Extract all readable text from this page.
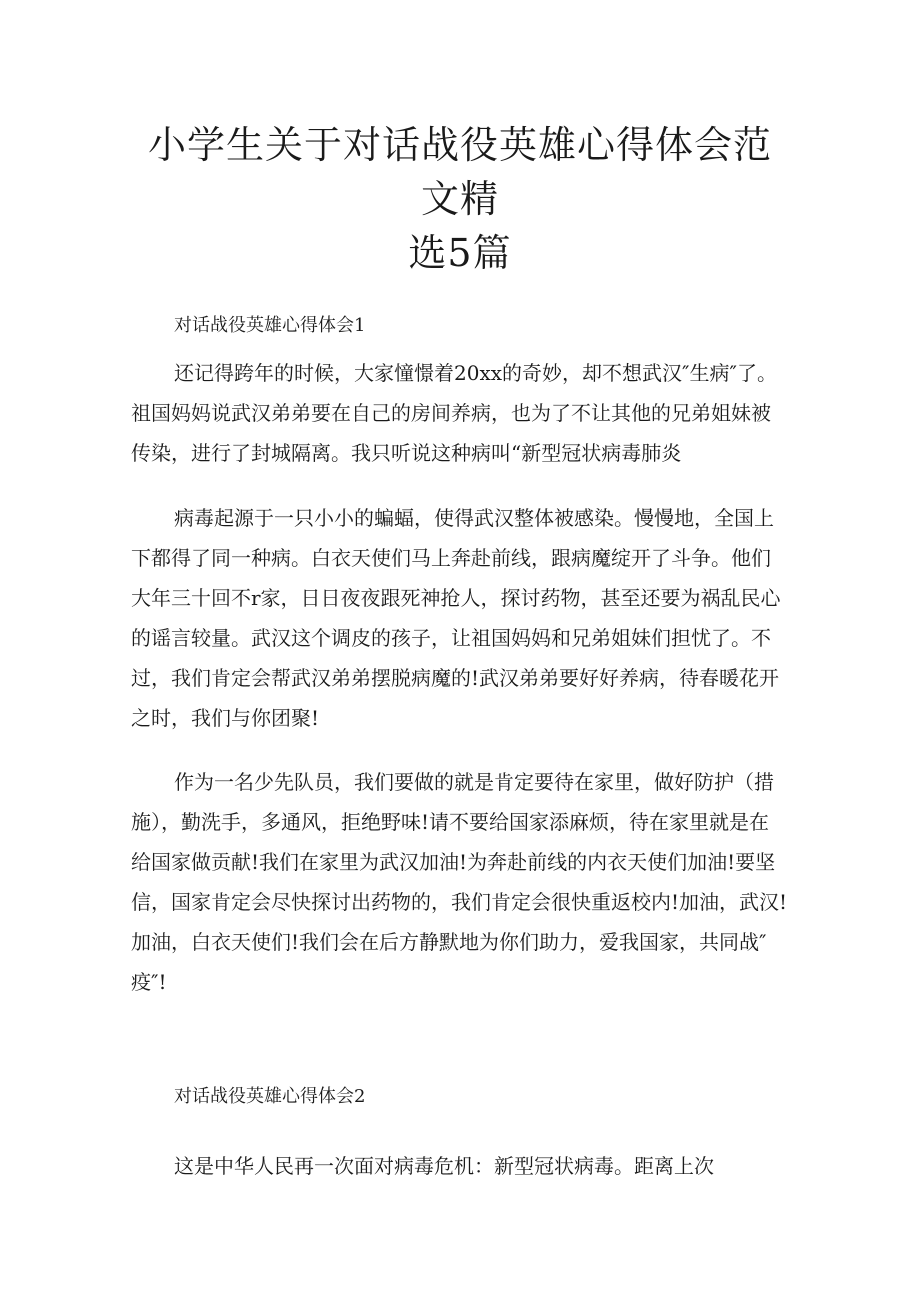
小学生关于对话战役英雄心得体会范文精
选5篇
对话战役英雄心得体会1
还记得跨年的时候，大家憧憬着20xx的奇妙，却不想武汉″生病″了。
祖国妈妈说武汉弟弟要在自己的房间养病，也为了不让其他的兄弟姐妹被
传染，进行了封城隔离。我只听说这种病叫“新型冠状病毒肺炎
病毒起源于一只小小的蝙蝠，使得武汉整体被感染。慢慢地，全国上
下都得了同一种病。白衣天使们马上奔赴前线，跟病魔绽开了斗争。他们
大年三十回不r家，日日夜夜跟死神抢人，探讨药物，甚至还要为祸乱民心
的谣言较量。武汉这个调皮的孩子，让祖国妈妈和兄弟姐妹们担忧了。不
过，我们肯定会帮武汉弟弟摆脱病魔的!武汉弟弟要好好养病，待春暖花开
之时，我们与你团聚!
作为一名少先队员，我们要做的就是肯定要待在家里，做好防护（措
施），勤洗手，多通风，拒绝野味!请不要给国家添麻烦，待在家里就是在
给国家做贡献!我们在家里为武汉加油!为奔赴前线的内衣天使们加油!要坚
信，国家肯定会尽快探讨出药物的，我们肯定会很快重返校内!加油，武汉!
加油，白衣天使们!我们会在后方静默地为你们助力，爱我国家，共同战″
疫″!
对话战役英雄心得体会2
这是中华人民再一次面对病毒危机：新型冠状病毒。距离上次
